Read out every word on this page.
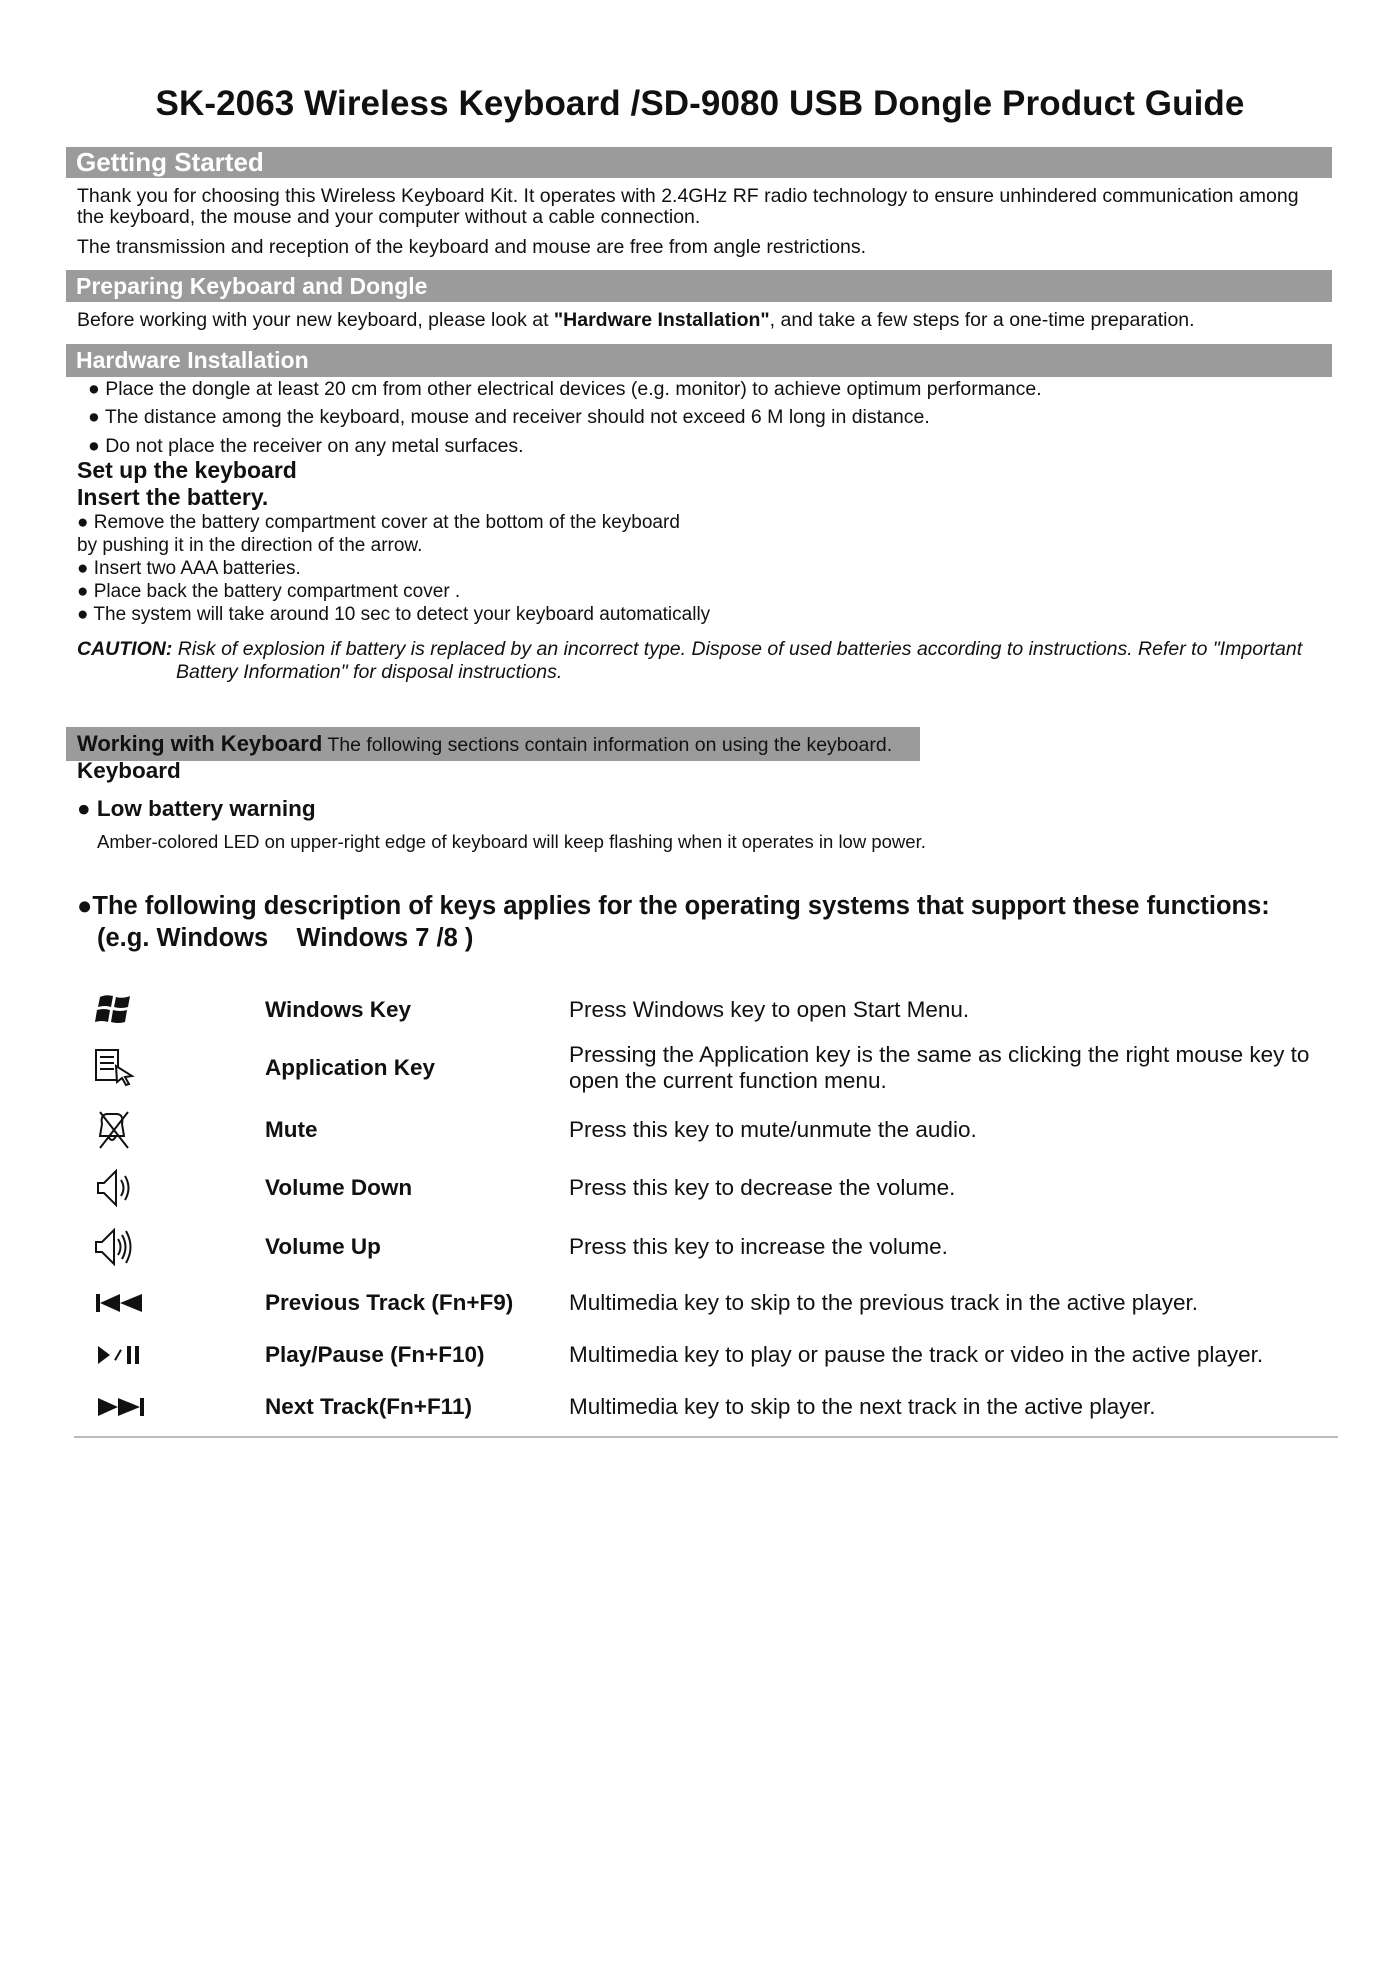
SK-2063 Wireless Keyboard /SD-9080 USB Dongle Product Guide
Getting Started
Thank you for choosing this Wireless Keyboard Kit. It operates with 2.4GHz RF radio technology to ensure unhindered communication among
the keyboard, the mouse and your computer without a cable connection.
The transmission and reception of the keyboard and mouse are free from angle restrictions.
Preparing Keyboard and Dongle
Before working with your new keyboard, please look at "Hardware Installation", and take a few steps for a one-time preparation.
Hardware Installation
● Place the dongle at least 20 cm from other electrical devices (e.g. monitor) to achieve optimum performance.
● The distance among the keyboard, mouse and receiver should not exceed 6 M long in distance.
● Do not place the receiver on any metal surfaces.
Set up the keyboard
Insert the battery.
● Remove the battery compartment cover at the bottom of the keyboard
by pushing it in the direction of the arrow.
● Insert two AAA batteries.
● Place back the battery compartment cover .
● The system will take around 10 sec to detect your keyboard automatically
CAUTION: Risk of explosion if battery is replaced by an incorrect type. Dispose of used batteries according to instructions. Refer to "Important
Battery Information" for disposal instructions.
Working with Keyboard The following sections contain information on using the keyboard.
Keyboard
● Low battery warning
Amber-colored LED on upper-right edge of keyboard will keep flashing when it operates in low power.
●The following description of keys applies for the operating systems that support these functions:
(e.g. Windows    Windows 7 /8 )
	Windows Key	Press Windows key to open Start Menu.

	Application Key	Pressing the Application key is the same as clicking the right mouse key to open the current function menu.

	Mute	Press this key to mute/unmute the audio.

	Volume Down	Press this key to decrease the volume.

	Volume Up	Press this key to increase the volume.

	Previous Track (Fn+F9)	Multimedia key to skip to the previous track in the active player.

	Play/Pause (Fn+F10)	Multimedia key to play or pause the track or video in the active player.

	Next Track(Fn+F11)	Multimedia key to skip to the next track in the active player.
